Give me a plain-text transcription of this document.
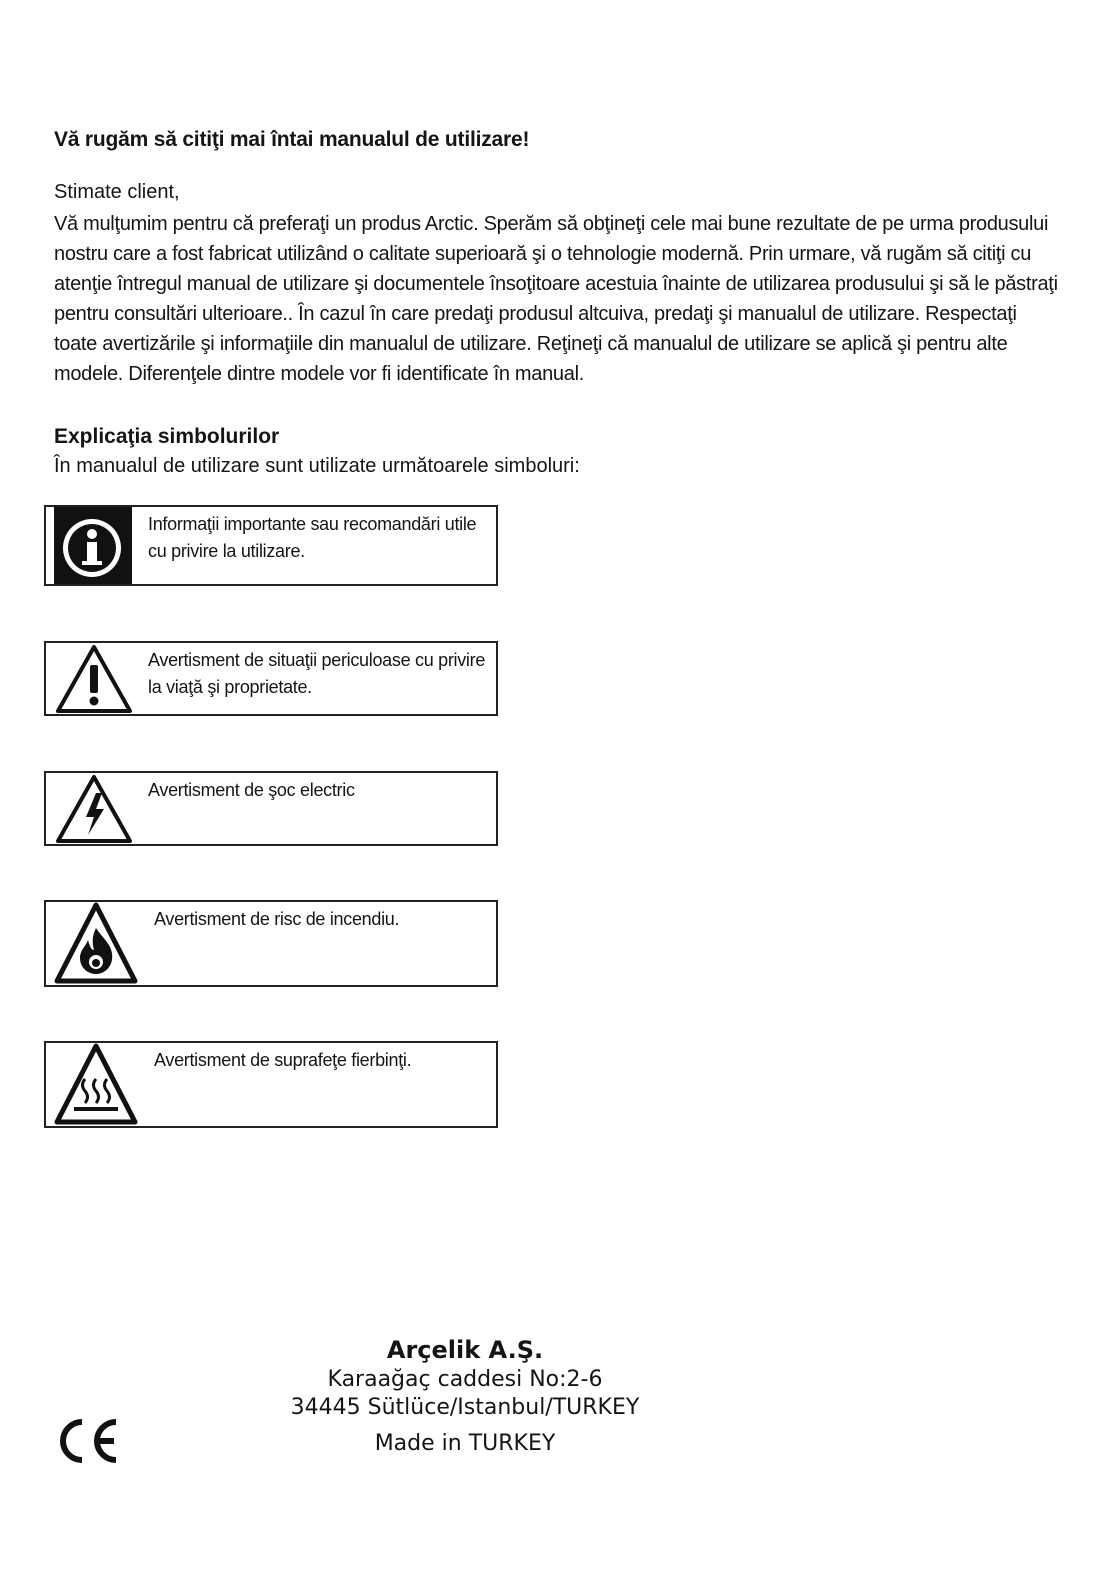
Vă rugăm să citiţi mai întai manualul de utilizare!
Stimate client,
Vă mulţumim pentru că preferaţi un produs Arctic. Sperăm să obţineţi cele mai bune rezultate de pe urma produsului nostru care a fost fabricat utilizând o calitate superioară şi o tehnologie modernă. Prin urmare, vă rugăm să citiţi cu atenţie întregul manual de utilizare şi documentele însoţitoare acestuia înainte de utilizarea produsului şi să le păstraţi pentru consultări ulterioare.. În cazul în care predaţi produsul altcuiva, predaţi şi manualul de utilizare. Respectaţi toate avertizările şi informaţiile din manualul de utilizare. Reţineţi că manualul de utilizare se aplică şi pentru alte modele. Diferenţele dintre modele vor fi identificate în manual.
Explicaţia simbolurilor
În manualul de utilizare sunt utilizate următoarele simboluri:
Informaţii importante sau recomandări utile cu privire la utilizare.
Avertisment de situaţii periculoase cu privire la viaţă şi proprietate.
Avertisment de şoc electric
Avertisment de risc de incendiu.
Avertisment de suprafeţe fierbinţi.
Arçelik A.Ş.
Karaağaç caddesi No:2-6
34445 Sütlüce/Istanbul/TURKEY
Made in TURKEY
